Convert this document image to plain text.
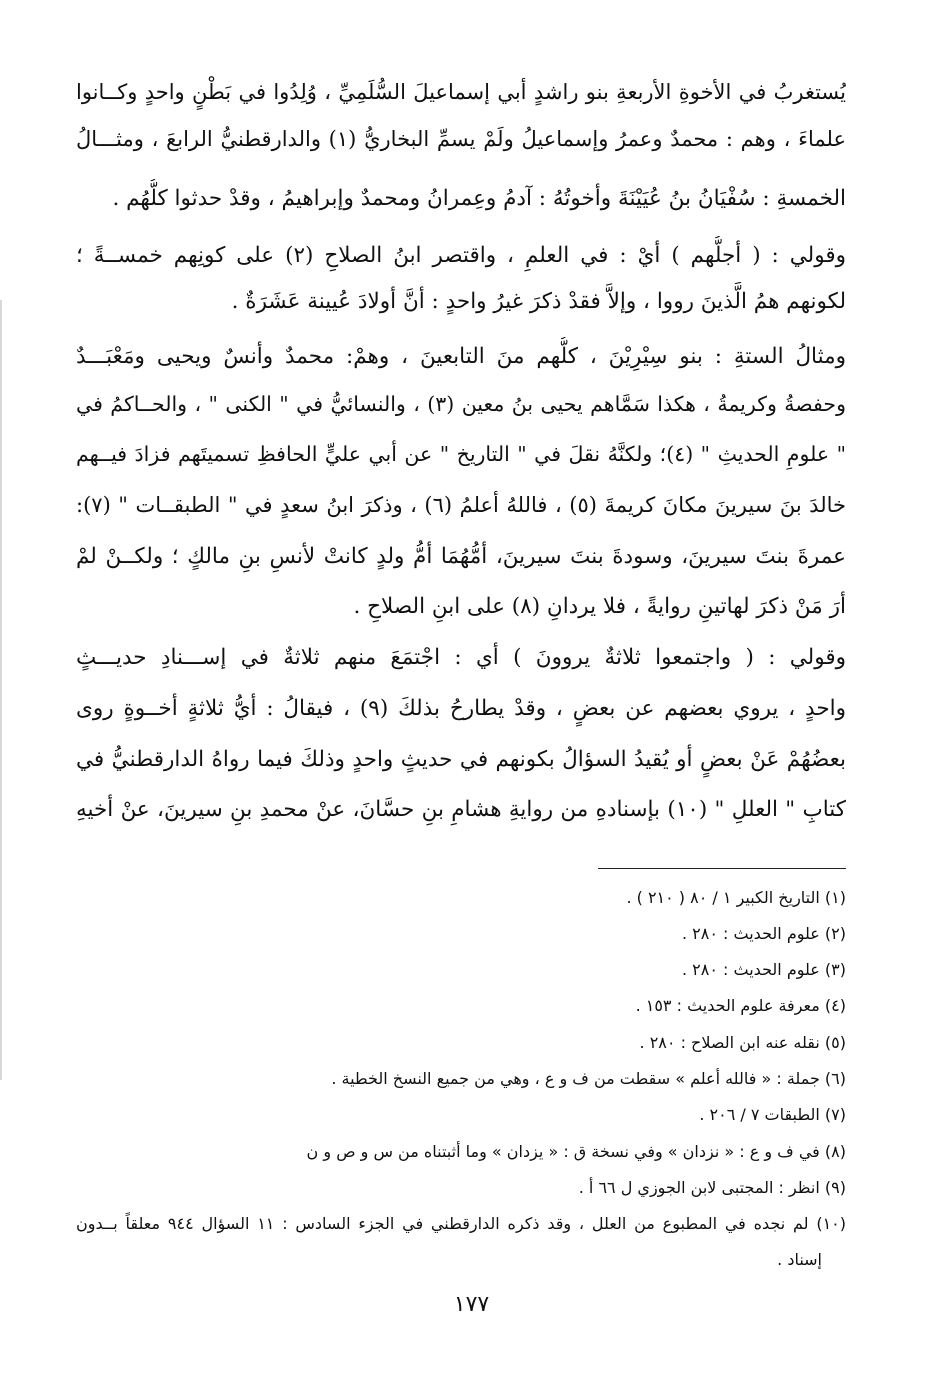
يُستغربُ في الأخوةِ الأربعةِ بنو راشدٍ أبي إسماعيلَ السُّلَمِيِّ ، وُلِدُوا في بَطْنٍ واحدٍ وكــانوا
علماءَ ، وهم : محمدٌ وعمرُ وإسماعيلُ ولَمْ يسمِّ البخاريُّ (١) والدارقطنيُّ الرابعَ ، ومثـــالُ
الخمسةِ : سُفْيَانُ بنُ عُيَيْنَةَ وأخوتُهُ : آدمُ وعِمرانُ ومحمدٌ وإبراهيمُ ، وقدْ حدثوا كلُّهُم .
وقولي : ( أجلُّهم ) أيْ : في العلمِ ، واقتصر ابنُ الصلاحِ (٢) على كونِهم خمســةً ؛
لكونهم همُ الَّذينَ رووا ، وإلاَّ فقدْ ذكرَ غيرُ واحدٍ : أنَّ أولادَ عُيينة عَشَرَةٌ .
ومثالُ الستةِ : بنو سِيْرِيْنَ ، كلُّهم منَ التابعينَ ، وهمْ: محمدٌ وأنسٌ ويحيى ومَعْبَـــدٌ
وحفصةُ وكريمةُ ، هكذا سَمَّاهم يحيى بنُ معين (٣) ، والنسائيُّ في " الكنى " ، والحــاكمُ في
" علومِ الحديثِ " (٤)؛ ولكنَّهُ نقلَ في " التاريخ " عن أبي عليٍّ الحافظِ تسميتَهم فزادَ فيــهم
خالدَ بنَ سيرينَ مكانَ كريمةَ (٥) ، فاللهُ أعلمُ (٦) ، وذكرَ ابنُ سعدٍ في " الطبقــات " (٧):
عمرةَ بنتَ سيرينَ، وسودةَ بنتَ سيرينَ، أمُّهُمَا أمُّ ولدٍ كانتْ لأنسِ بنِ مالكٍ ؛ ولكــنْ لمْ
أرَ مَنْ ذكرَ لهاتينِ روايةً ، فلا يردانِ (٨) على ابنِ الصلاحِ .
وقولي : ( واجتمعوا ثلاثةٌ يروونَ ) أي : اجْتمَعَ منهم ثلاثةٌ في إســـنادِ حديـــثٍ
واحدٍ ، يروي بعضهم عن بعضٍ ، وقدْ يطارحُ بذلكَ (٩) ، فيقالُ : أيُّ ثلاثةٍ أخــوةٍ روى
بعضُهُمْ عَنْ بعضٍ أو يُقيدُ السؤالُ بكونهم في حديثٍ واحدٍ وذلكَ فيما رواهُ الدارقطنيُّ في
كتابِ " العللِ " (١٠) بإسنادهِ من روايةِ هشامِ بنِ حسَّانَ، عنْ محمدِ بنِ سيرينَ، عنْ أخيهِ
(١) التاريخ الكبير ١ / ٨٠ ( ٢١٠ ) .
(٢) علوم الحديث : ٢٨٠ .
(٣) علوم الحديث : ٢٨٠ .
(٤) معرفة علوم الحديث : ١٥٣ .
(٥) نقله عنه ابن الصلاح : ٢٨٠ .
(٦) جملة : « فالله أعلم » سقطت من ف و ع ، وهي من جميع النسخ الخطية .
(٧) الطبقات ٧ / ٢٠٦ .
(٨) في ف و ع : « نزدان » وفي نسخة ق : « يزدان » وما أثبتناه من س و ص و ن
(٩) انظر : المجتبى لابن الجوزي ل ٦٦ أ .
(١٠) لم نجده في المطبوع من العلل ، وقد ذكره الدارقطني في الجزء السادس : ١١ السؤال ٩٤٤ معلقاً بــدون
إسناد .
١٧٧
